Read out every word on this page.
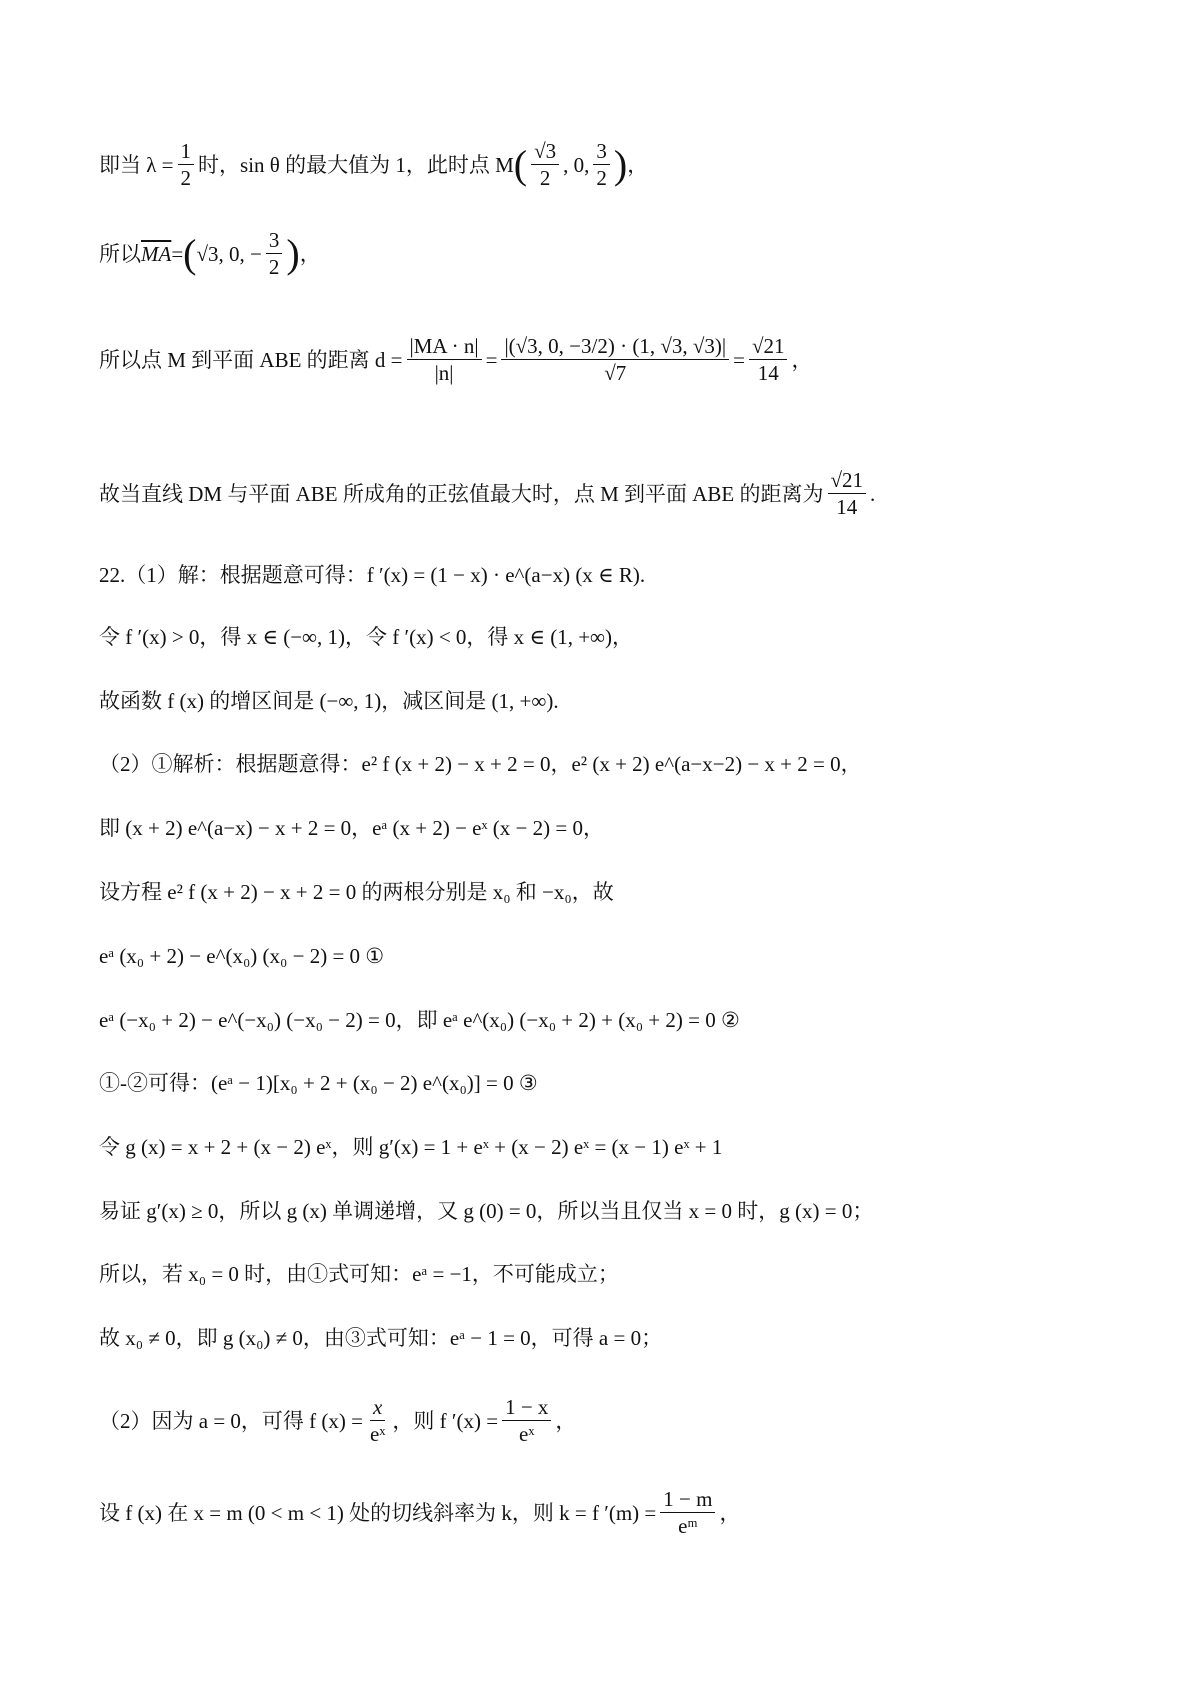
即当 $\lambda = \frac{1}{2}$ 时，sin θ 的最大值为 1，此时点 M ( $\frac{√3}{2}$ , 0, $\frac{3}{2}$ ) ，
所以 $\overline{MA}$ = ( √3, 0, − $\frac{3}{2}$ ) ，
所以点 M 到平面 ABE 的距离 $d = \frac{|MA \cdot n|}{|n|} = \frac{|(√3, 0, -3/2) \cdot (1, √3, √3)|}{√7} = \frac{√21}{14}$ ，
故当直线 DM 与平面 ABE 所成角的正弦值最大时，点 M 到平面 ABE 的距离为 $\frac{√21}{14}$ .
22.（1）解：根据题意可得：f ′(x) = (1 − x) · e^(a−x) (x ∈ R).
令 f ′(x) > 0，得 x ∈ (−∞, 1)，令 f ′(x) < 0，得 x ∈ (1, +∞)，
故函数 f (x) 的增区间是 (−∞, 1)，减区间是 (1, +∞).
（2）①解析：根据题意得：e² f (x + 2) − x + 2 = 0，e² (x + 2) e^(a−x−2) − x + 2 = 0，
即 (x + 2) e^(a−x) − x + 2 = 0，eᵃ (x + 2) − eˣ (x − 2) = 0，
设方程 e² f (x + 2) − x + 2 = 0 的两根分别是 x₀ 和 −x₀，故
eᵃ (x₀ + 2) − e^(x₀) (x₀ − 2) = 0 ①
eᵃ (−x₀ + 2) − e^(−x₀) (−x₀ − 2) = 0，即 eᵃ e^(x₀) (−x₀ + 2) + (x₀ + 2) = 0 ②
①-②可得：(eᵃ − 1)[x₀ + 2 + (x₀ − 2) e^(x₀)] = 0 ③
令 g (x) = x + 2 + (x − 2) eˣ，则 g′(x) = 1 + eˣ + (x − 2) eˣ = (x − 1) eˣ + 1
易证 g′(x) ≥ 0，所以 g (x) 单调递增，又 g (0) = 0，所以当且仅当 x = 0 时，g (x) = 0；
所以，若 x₀ = 0 时，由①式可知：eᵃ = −1，不可能成立；
故 x₀ ≠ 0，即 g (x₀) ≠ 0，由③式可知：eᵃ − 1 = 0，可得 a = 0；
（2）因为 a = 0，可得 f $(x) = \frac{x}{\text{eˣ}}$ ，则 f $'(x) = \frac{1 - x}{\text{eˣ}}$ ，
设 f (x) 在 x = m (0 < m < 1) 处的切线斜率为 k，则 k = f $'(m) = \frac{1 - m}{\text{eᵐ}}$ ，
